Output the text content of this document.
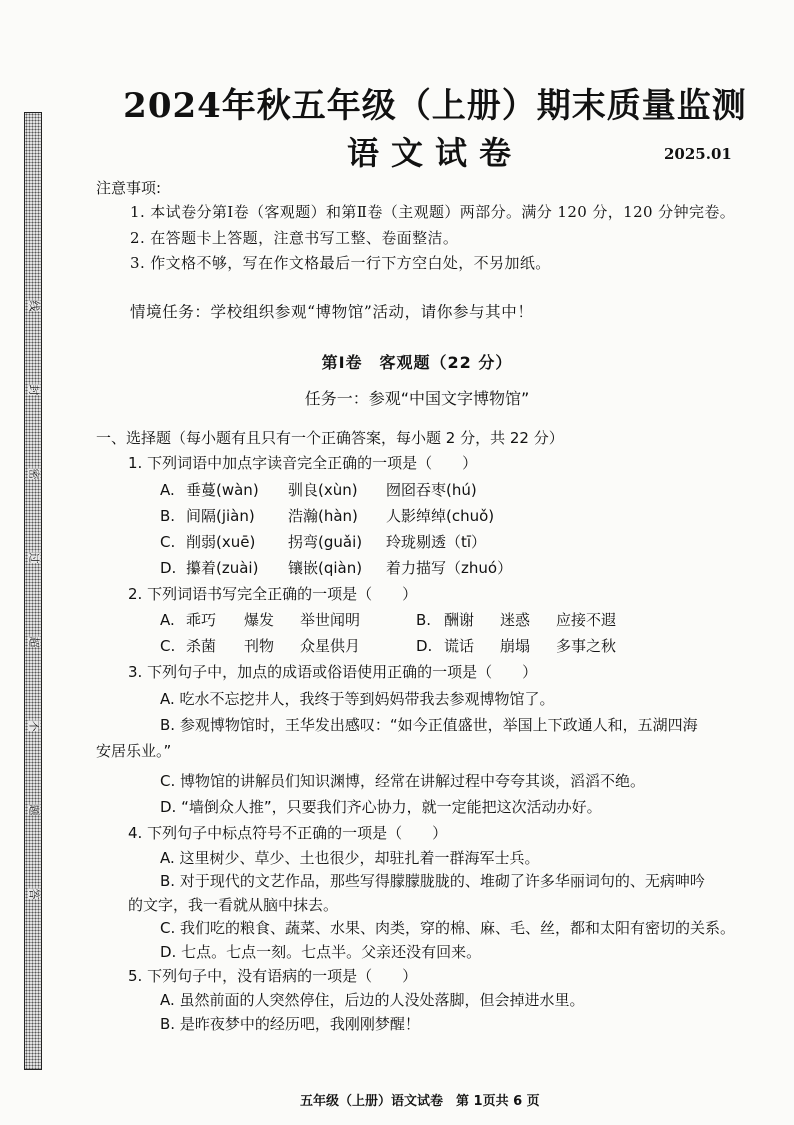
线
封
密
过
超
不
题
答
2024年秋五年级（上册）期末质量监测
语文试卷	2025.01
注意事项:
1. 本试卷分第Ⅰ卷（客观题）和第Ⅱ卷（主观题）两部分。满分 120 分，120 分钟完卷。
2. 在答题卡上答题，注意书写工整、卷面整洁。
3. 作文格不够，写在作文格最后一行下方空白处，不另加纸。
情境任务：学校组织参观“博物馆”活动，请你参与其中！
第Ⅰ卷　客观题（22 分）
任务一：参观“中国文字博物馆”
一、选择题（每小题有且只有一个正确答案，每小题 2 分，共 22 分）
1. 下列词语中加点字读音完全正确的一项是（　　）
A. 垂蔓(wàn) 驯良(xùn) 囫囵吞枣(hú)
B. 间隔(jiàn) 浩瀚(hàn) 人影绰绰(chuǒ)
C. 削弱(xuē) 拐弯(guǎi) 玲珑剔透（tī）
D. 攥着(zuài) 镶嵌(qiàn) 着力描写（zhuó）
2. 下列词语书写完全正确的一项是（　　）
A. 乖巧 爆发 举世闻明	B. 酬谢 迷惑 应接不遐
C. 杀菌 刊物 众星供月	D. 谎话 崩塌 多事之秋
3. 下列句子中，加点的成语或俗语使用正确的一项是（　　）
A. 吃水不忘挖井人，我终于等到妈妈带我去参观博物馆了。
B. 参观博物馆时，王华发出感叹：“如今正值盛世，举国上下政通人和，五湖四海
安居乐业。”
C. 博物馆的讲解员们知识渊博，经常在讲解过程中夸夸其谈，滔滔不绝。
D. “墙倒众人推”，只要我们齐心协力，就一定能把这次活动办好。
4. 下列句子中标点符号不正确的一项是（　　）
A. 这里树少、草少、土也很少，却驻扎着一群海军士兵。
B. 对于现代的文艺作品，那些写得朦朦胧胧的、堆砌了许多华丽词句的、无病呻吟
的文字，我一看就从脑中抹去。
C. 我们吃的粮食、蔬菜、水果、肉类，穿的棉、麻、毛、丝，都和太阳有密切的关系。
D. 七点。七点一刻。七点半。父亲还没有回来。
5. 下列句子中，没有语病的一项是（　　）
A. 虽然前面的人突然停住，后边的人没处落脚，但会掉进水里。
B. 是昨夜梦中的经历吧，我刚刚梦醒！
五年级（上册）语文试卷　第 1页共 6 页
